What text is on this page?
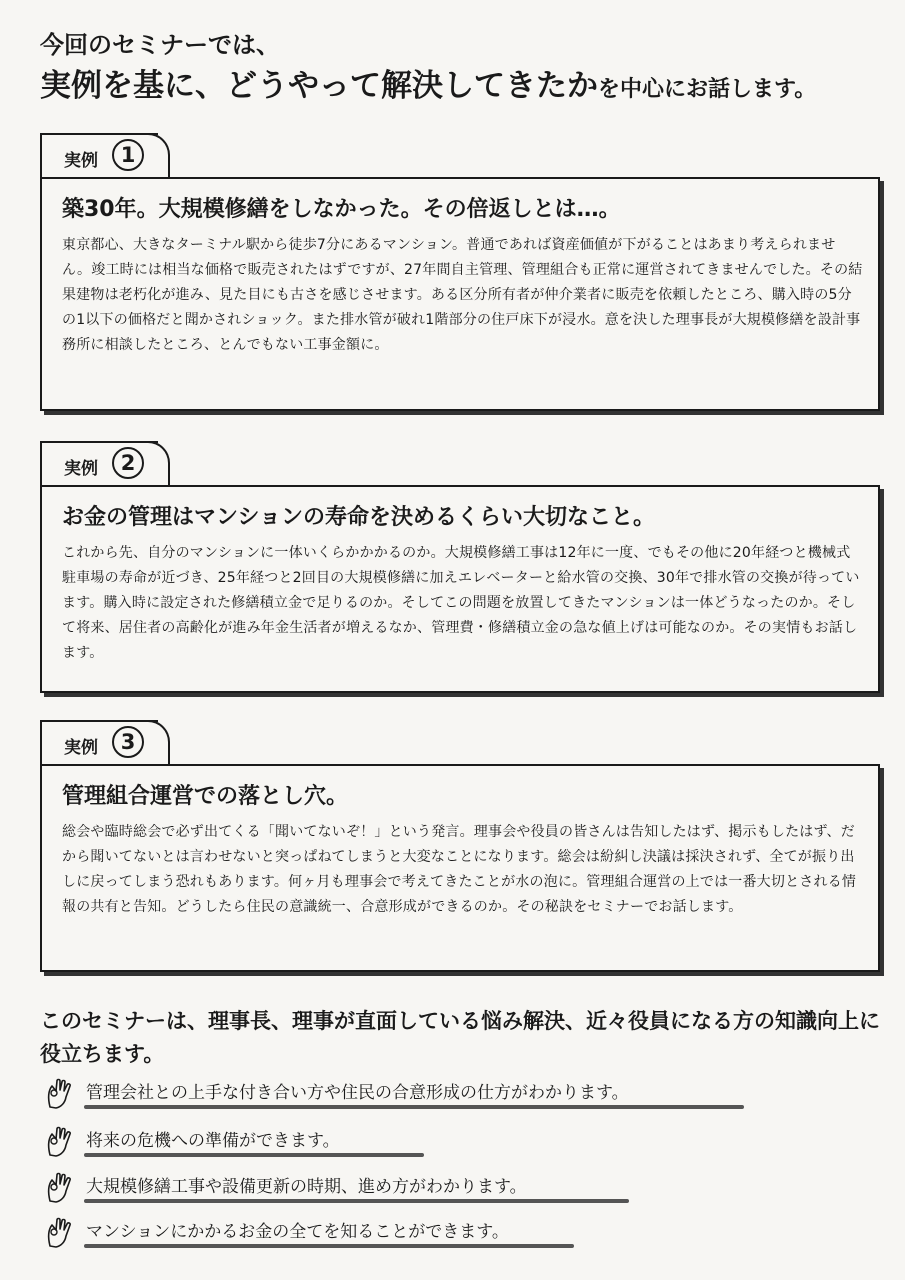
今回のセミナーでは、

実例を基に、どうやって解決してきたかを中心にお話します。

実例	1
築30年。大規模修繕をしなかった。その倍返しとは…。

東京都心、大きなターミナル駅から徒歩7分にあるマンション。普通であれば資産価値が下がることはあまり考えられません。竣工時には相当な価格で販売されたはずですが、27年間自主管理、管理組合も正常に運営されてきませんでした。その結果建物は老朽化が進み、見た目にも古さを感じさせます。ある区分所有者が仲介業者に販売を依頼したところ、購入時の5分の1以下の価格だと聞かされショック。また排水管が破れ1階部分の住戸床下が浸水。意を決した理事長が大規模修繕を設計事務所に相談したところ、とんでもない工事金額に。

実例	2
お金の管理はマンションの寿命を決めるくらい大切なこと。

これから先、自分のマンションに一体いくらかかかるのか。大規模修繕工事は12年に一度、でもその他に20年経つと機械式駐車場の寿命が近づき、25年経つと2回目の大規模修繕に加えエレベーターと給水管の交換、30年で排水管の交換が待っています。購入時に設定された修繕積立金で足りるのか。そしてこの問題を放置してきたマンションは一体どうなったのか。そして将来、居住者の高齢化が進み年金生活者が増えるなか、管理費・修繕積立金の急な値上げは可能なのか。その実情もお話します。

実例	3
管理組合運営での落とし穴。

総会や臨時総会で必ず出てくる「聞いてないぞ！」という発言。理事会や役員の皆さんは告知したはず、掲示もしたはず、だから聞いてないとは言わせないと突っぱねてしまうと大変なことになります。総会は紛糾し決議は採決されず、全てが振り出しに戻ってしまう恐れもあります。何ヶ月も理事会で考えてきたことが水の泡に。管理組合運営の上では一番大切とされる情報の共有と告知。どうしたら住民の意識統一、合意形成ができるのか。その秘訣をセミナーでお話します。

このセミナーは、理事長、理事が直面している悩み解決、近々役員になる方の知識向上に役立ちます。

管理会社との上手な付き合い方や住民の合意形成の仕方がわかります。
将来の危機への準備ができます。
大規模修繕工事や設備更新の時期、進め方がわかります。
マンションにかかるお金の全てを知ることができます。
